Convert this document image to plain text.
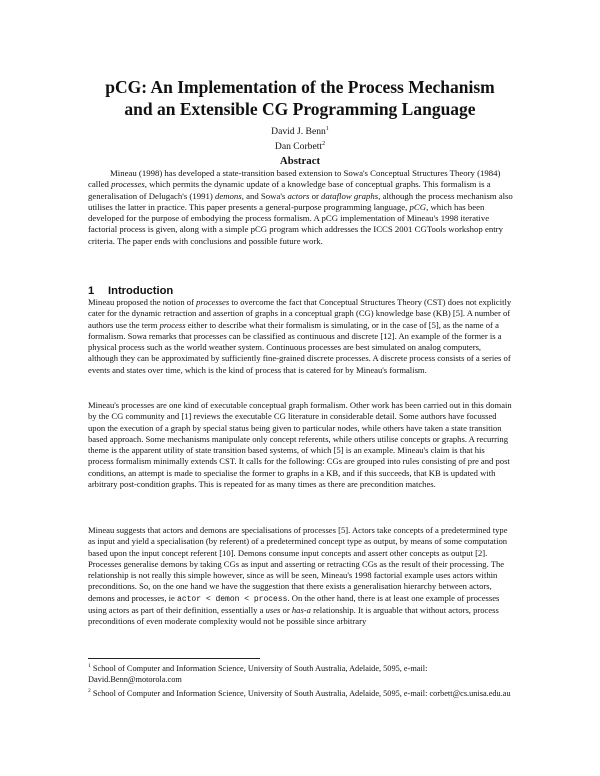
pCG: An Implementation of the Process Mechanism
and an Extensible CG Programming Language
David J. Benn$^1$
Dan Corbett$^2$
Abstract
Mineau (1998) has developed a state-transition based extension to Sowa's Conceptual Structures Theory (1984) called processes, which permits the dynamic update of a knowledge base of conceptual graphs. This formalism is a generalisation of Delugach's (1991) demons, and Sowa's actors or dataflow graphs, although the process mechanism also utilises the latter in practice. This paper presents a general-purpose programming language, pCG, which has been developed for the purpose of embodying the process formalism. A pCG implementation of Mineau's 1998 iterative factorial process is given, along with a simple pCG program which addresses the ICCS 2001 CGTools workshop entry criteria. The paper ends with conclusions and possible future work.
1 Introduction
Mineau proposed the notion of processes to overcome the fact that Conceptual Structures Theory (CST) does not explicitly cater for the dynamic retraction and assertion of graphs in a conceptual graph (CG) knowledge base (KB) [5]. A number of authors use the term process either to describe what their formalism is simulating, or in the case of [5], as the name of a formalism. Sowa remarks that processes can be classified as continuous and discrete [12]. An example of the former is a physical process such as the world weather system. Continuous processes are best simulated on analog computers, although they can be approximated by sufficiently fine-grained discrete processes. A discrete process consists of a series of events and states over time, which is the kind of process that is catered for by Mineau's formalism.
Mineau's processes are one kind of executable conceptual graph formalism. Other work has been carried out in this domain by the CG community and [1] reviews the executable CG literature in considerable detail. Some authors have focussed upon the execution of a graph by special status being given to particular nodes, while others have taken a state transition based approach. Some mechanisms manipulate only concept referents, while others utilise concepts or graphs. A recurring theme is the apparent utility of state transition based systems, of which [5] is an example. Mineau's claim is that his process formalism minimally extends CST. It calls for the following: CGs are grouped into rules consisting of pre and post conditions, an attempt is made to specialise the former to graphs in a KB, and if this succeeds, that KB is updated with arbitrary post-condition graphs. This is repeated for as many times as there are precondition matches.
Mineau suggests that actors and demons are specialisations of processes [5]. Actors take concepts of a predetermined type as input and yield a specialisation (by referent) of a predetermined concept type as output, by means of some computation based upon the input concept referent [10]. Demons consume input concepts and assert other concepts as output [2]. Processes generalise demons by taking CGs as input and asserting or retracting CGs as the result of their processing. The relationship is not really this simple however, since as will be seen, Mineau's 1998 factorial example uses actors within preconditions. So, on the one hand we have the suggestion that there exists a generalisation hierarchy between actors, demons and processes, ie actor < demon < process. On the other hand, there is at least one example of processes using actors as part of their definition, essentially a uses or has-a relationship. It is arguable that without actors, process preconditions of even moderate complexity would not be possible since arbitrary
$^1$ School of Computer and Information Science, University of South Australia, Adelaide, 5095, e-mail: David.Benn@motorola.com
$^2$ School of Computer and Information Science, University of South Australia, Adelaide, 5095, e-mail: corbett@cs.unisa.edu.au
